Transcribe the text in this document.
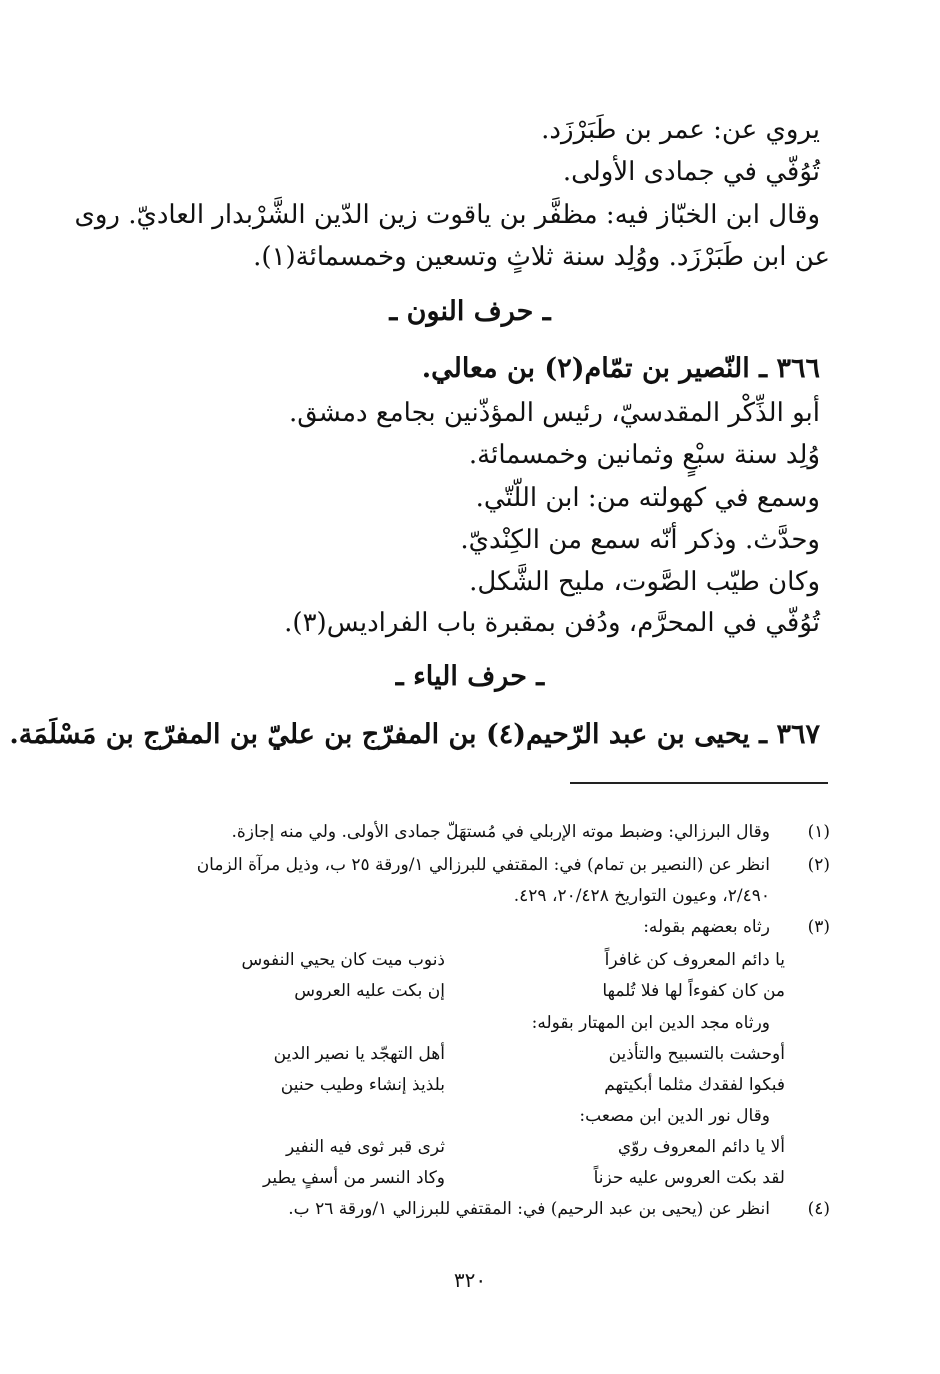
يروي عن: عمر بن طَبَرْزَد.
تُوُفّي في جمادى الأولى.
وقال ابن الخبّاز فيه: مظفَّر بن ياقوت زين الدّين الشَّرْبدار العاديّ. روى
عن ابن طَبَرْزَد. ووُلِد سنة ثلاثٍ وتسعين وخمسمائة(١).
ـ حرف النون ـ
٣٦٦ ـ النّصير بن تمّام(٢) بن معالي.
أبو الذِّكْر المقدسيّ، رئيس المؤذّنين بجامع دمشق.
وُلِد سنة سبْعٍ وثمانين وخمسمائة.
وسمع في كهولته من: ابن اللّتّي.
وحدَّث. وذكر أنّه سمع من الكِنْديّ.
وكان طيّب الصَّوت، مليح الشَّكل.
تُوُفّي في المحرَّم، ودُفن بمقبرة باب الفراديس(٣).
ـ حرف الياء ـ
٣٦٧ ـ يحيى بن عبد الرّحيم(٤) بن المفرّج بن عليّ بن المفرّج بن مَسْلَمَة.
(١)
وقال البرزالي: وضبط موته الإربلي في مُستهَلّ جمادى الأولى. ولي منه إجازة.
(٢)
انظر عن (النصير بن تمام) في: المقتفي للبرزالي ١/ورقة ٢٥ ب، وذيل مرآة الزمان
٢/٤٩٠، وعيون التواريخ ٢٠/٤٢٨، ٤٢٩.
(٣)
رثاه بعضهم بقوله:
يا دائم المعروف كن غافراً
ذنوب ميت كان يحيي النفوس
من كان كفوءاً لها فلا تُلمها
إن بكت عليه العروس
ورثاه مجد الدين ابن المهتار بقوله:
أوحشت بالتسبيح والتأذين
أهل التهجّد يا نصير الدين
فبكوا لفقدك مثلما أبكيتهم
بلذيذ إنشاء وطيب حنين
وقال نور الدين ابن مصعب:
ألا يا دائم المعروف روّي
ثرى قبر ثوى فيه النفير
لقد بكت العروس عليه حزناً
وكاد النسر من أسفٍ يطير
(٤)
انظر عن (يحيى بن عبد الرحيم) في: المقتفي للبرزالي ١/ورقة ٢٦ ب.
٣٢٠
